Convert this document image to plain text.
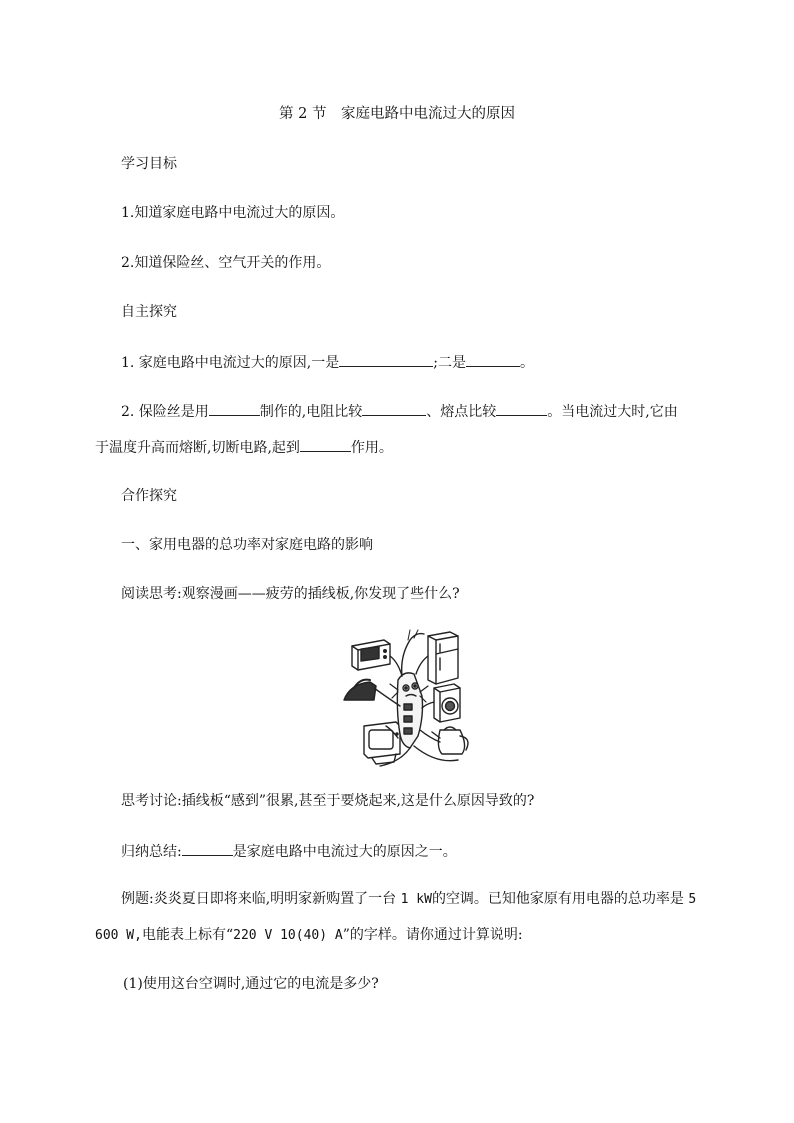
第 2 节　家庭电路中电流过大的原因
学习目标
1.知道家庭电路中电流过大的原因。
2.知道保险丝、空气开关的作用。
自主探究
1. 家庭电路中电流过大的原因,一是	;二是	。
2. 保险丝是用	制作的,电阻比较	、熔点比较	。当电流过大时,它由
于温度升高而熔断,切断电路,起到	作用。
合作探究
一、家用电器的总功率对家庭电路的影响
阅读思考:观察漫画——疲劳的插线板,你发现了些什么?
思考讨论:插线板“感到”很累,甚至于要烧起来,这是什么原因导致的?
归纳总结:	是家庭电路中电流过大的原因之一。
例题:炎炎夏日即将来临,明明家新购置了一台 1 kW的空调。已知他家原有用电器的总功率是 5
600 W,电能表上标有“220 V 10(40) A”的字样。请你通过计算说明:
(1)使用这台空调时,通过它的电流是多少?
